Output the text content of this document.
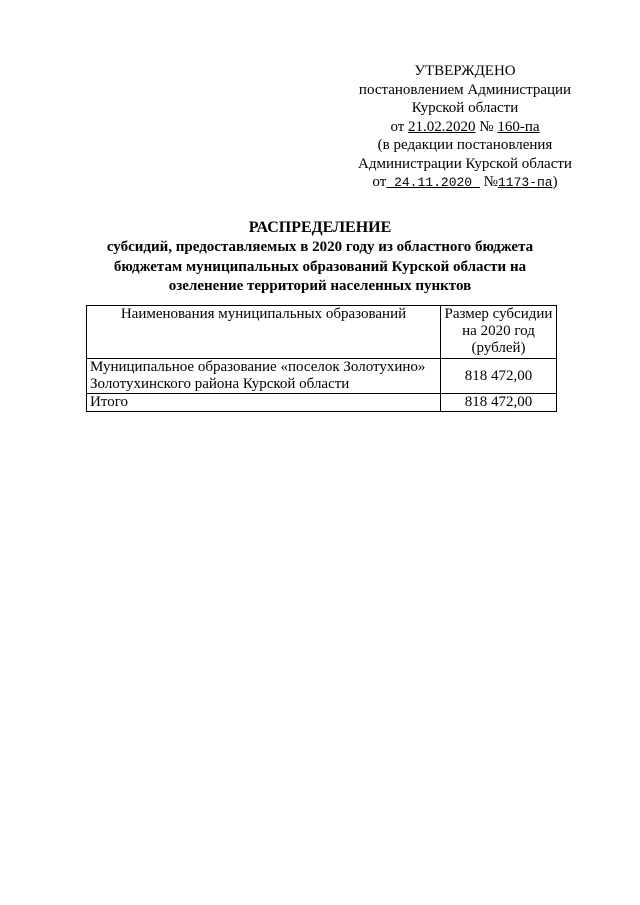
УТВЕРЖДЕНО
постановлением Администрации
Курской области
от 21.02.2020 № 160-па
(в редакции постановления
Администрации Курской области
от 24.11.2020  №1173-па)
РАСПРЕДЕЛЕНИЕ
субсидий, предоставляемых в 2020 году из областного бюджета
бюджетам муниципальных образований Курской области на
озеленение территорий населенных пунктов
Наименования муниципальных образований	Размер субсидии на 2020 год (рублей)
Муниципальное образование «поселок Золотухино» Золотухинского района Курской области	818 472,00
Итого	818 472,00
